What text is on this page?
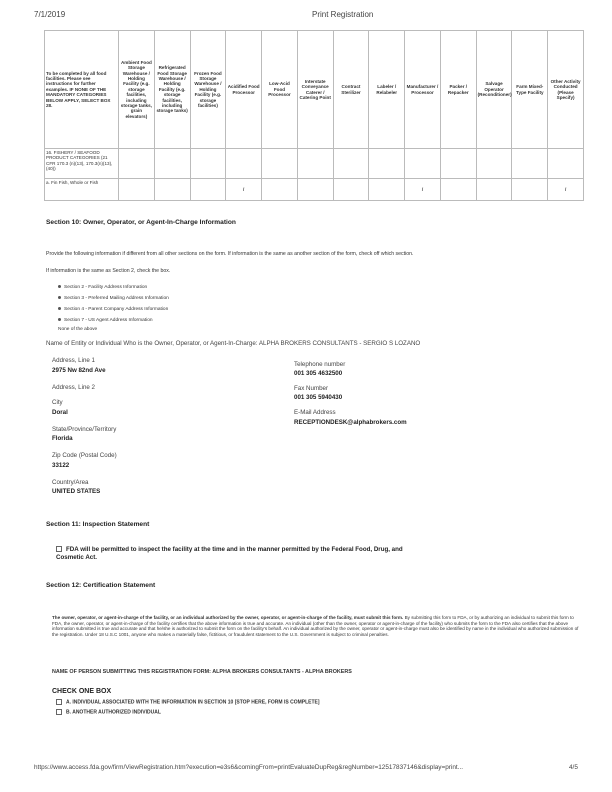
7/1/2019	Print Registration
To be completed by all food facilities. Please see instructions for further examples. IF NONE OF THE MANDATORY CATEGORIES BELOW APPLY, SELECT BOX 28.	Ambient Food Storage Warehouse / Holding Facility (e.g. storage facilities, including storage tanks, grain elevators)	Refrigerated Food Storage Warehouse / Holding Facility (e.g. storage facilities, including storage tanks)	Frozen Food Storage Warehouse / Holding Facility (e.g. storage facilities)	Acidified Food Processor	Low-Acid Food Processor	Interstate Conveyance Caterer / Catering Point	Contract Sterilizer	Labeler / Relabeler	Manufacturer / Processor	Packer / Repacker	Salvage Operator (Reconditioner)	Farm Mixed-Type Facility	Other Activity Conducted (Please Specify)
16. FISHERY / SEAFOOD PRODUCT CATEGORIES (21 CFR 170.3 (n)(13), 170.3(n)(13), (40))													
a. Fin Fish, Whole or Fish				/					/				/
Section 10: Owner, Operator, or Agent-In-Charge Information
Provide the following information if different from all other sections on the form. If information is the same as another section of the form, check off which section.
If information is the same as Section 2, check the box.
Section 2 - Facility Address Information
Section 3 - Preferred Mailing Address Information
Section 4 - Parent Company Address Information
Section 7 - US Agent Address Information
None of the above
Name of Entity or Individual Who is the Owner, Operator, or Agent-In-Charge: ALPHA BROKERS CONSULTANTS - SERGIO S LOZANO
Address, Line 1
2975 Nw 82nd Ave
Address, Line 2
City
Doral
State/Province/Territory
Florida
Zip Code (Postal Code)
33122
Country/Area
UNITED STATES
Telephone number
001 305 4632500
Fax Number
001 305 5940430
E-Mail Address
RECEPTIONDESK@alphabrokers.com
Section 11: Inspection Statement
FDA will be permitted to inspect the facility at the time and in the manner permitted by the Federal Food, Drug, and Cosmetic Act.
Section 12: Certification Statement
The owner, operator, or agent-in-charge of the facility, or an individual authorized by the owner, operator, or agent-in-charge of the facility, must submit this form. By submitting this form to FDA, or by authorizing an individual to submit this form to FDA, the owner, operator, or agent-in-charge of the facility certifies that the above information is true and accurate. An individual (other than the owner, operator or agent-in-charge of the facility) who submits the form to the FDA also certifies that the above information submitted is true and accurate and that he/she is authorized to submit the form on the facility's behalf. An individual authorized by the owner, operator or agent-in-charge must also be identified by name in the individual who authorized submission of the registration. Under 18 U.S.C 1001, anyone who makes a materially false, fictitious, or fraudulent statement to the U.S. Government is subject to criminal penalties.
NAME OF PERSON SUBMITTING THIS REGISTRATION FORM: ALPHA BROKERS CONSULTANTS - ALPHA BROKERS
CHECK ONE BOX
A. INDIVIDUAL ASSOCIATED WITH THE INFORMATION IN SECTION 10 [STOP HERE, FORM IS COMPLETE]
B. ANOTHER AUTHORIZED INDIVIDUAL
https://www.access.fda.gov/firm/ViewRegistration.htm?execution=e3s6&comingFrom=printEvaluateDupReg&regNumber=12517837146&display=print...	4/5
